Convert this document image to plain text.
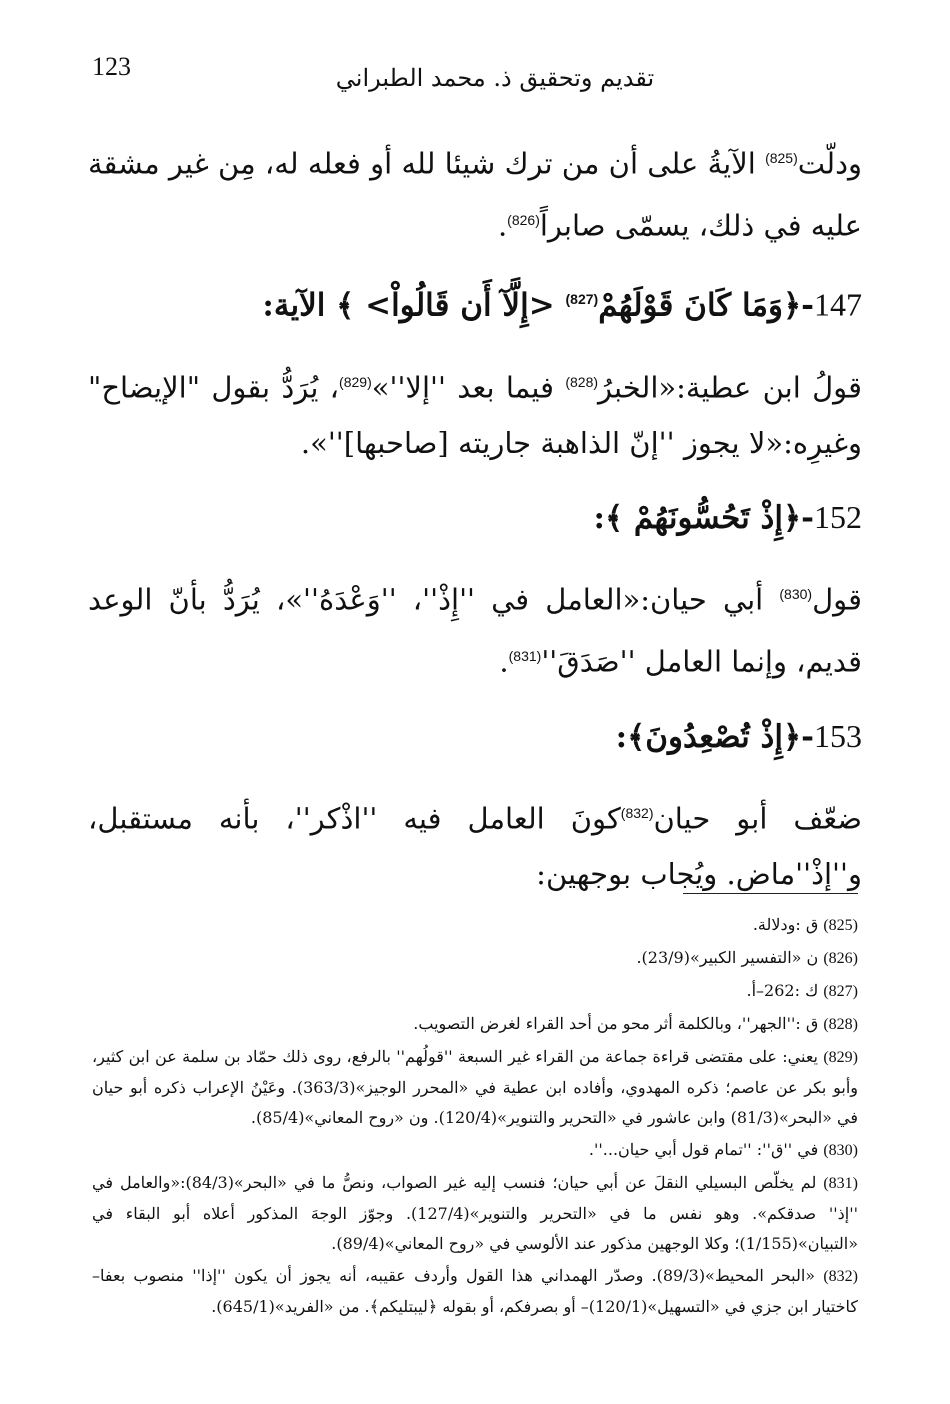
123	تقديم وتحقيق ذ. محمد الطبراني

ودلّت$^{(825)}$ الآيةُ على أن من ترك شيئا لله أو فعله له، مِن غير مشقة عليه في ذلك، يسمّى صابراً$^{(826)}$.

147-﴿وَمَا كَانَ قَوْلَهُمْ$^{(827)}$ <إِلَّآ أَن قَالُواْ> ﴾ الآية:

قولُ ابن عطية:«الخبرُ$^{(828)}$ فيما بعد ''إلا''»$^{(829)}$، يُرَدُّ بقول "الإيضاح" وغيرِه:«لا يجوز ''إنّ الذاهبة جاريته [صاحبها]''».

152-﴿إِذْ تَحُسُّونَهُمْ ﴾:

قول$^{(830)}$ أبي حيان:«العامل في ''إِذْ''، ''وَعْدَهُ''»، يُرَدُّ بأنّ الوعد قديم، وإنما العامل ''$صَدَقَ''^{(831)}$.

153-﴿إِذْ تُصْعِدُونَ﴾:

ضعّف أبو حيان$^{(832)}$كونَ العامل فيه ''اذْكر''، بأنه مستقبل، و''إذْ''ماض. ويُجاب بوجهين:

(825) ق :ودلالة.

(826) ن «التفسير الكبير»(23/9).

(827) ك :262–أ.

(828) ق :''الجهر''، وبالكلمة أثر محو من أحد القراء لغرض التصويب.

(829) يعني: على مقتضى قراءة جماعة من القراء غير السبعة ''قولُهم'' بالرفع، روى ذلك حمّاد بن سلمة عن ابن كثير، وأبو بكر عن عاصم؛ ذكره المهدوي، وأفاده ابن عطية في «المحرر الوجيز»(363/3). وعَيْنُ الإعراب ذكره أبو حيان في «البحر»(81/3) وابن عاشور في «التحرير والتنوير»(120/4). ون «روح المعاني»(85/4).

(830) في ''ق'': ''تمام قول أبي حيان...''.

(831) لم يخلّص البسيلي النقلَ عن أبي حيان؛ فنسب إليه غير الصواب، ونصُّ ما في «البحر»(84/3):«والعامل في ''إذ'' صدقكم». وهو نفس ما في «التحرير والتنوير»(127/4). وجوّز الوجهَ المذكور أعلاه أبو البقاء في «التبيان»(1/155)؛ وكلا الوجهين مذكور عند الألوسي في «روح المعاني»(89/4).

(832) «البحر المحيط»(89/3). وصدّر الهمداني هذا القول وأردف عقيبه، أنه يجوز أن يكون ''إذا'' منصوب بعفا– كاختيار ابن جزي في «التسهيل»(120/1)– أو بصرفكم، أو بقوله ﴿ليبتليكم﴾. من «الفريد»(645/1).
